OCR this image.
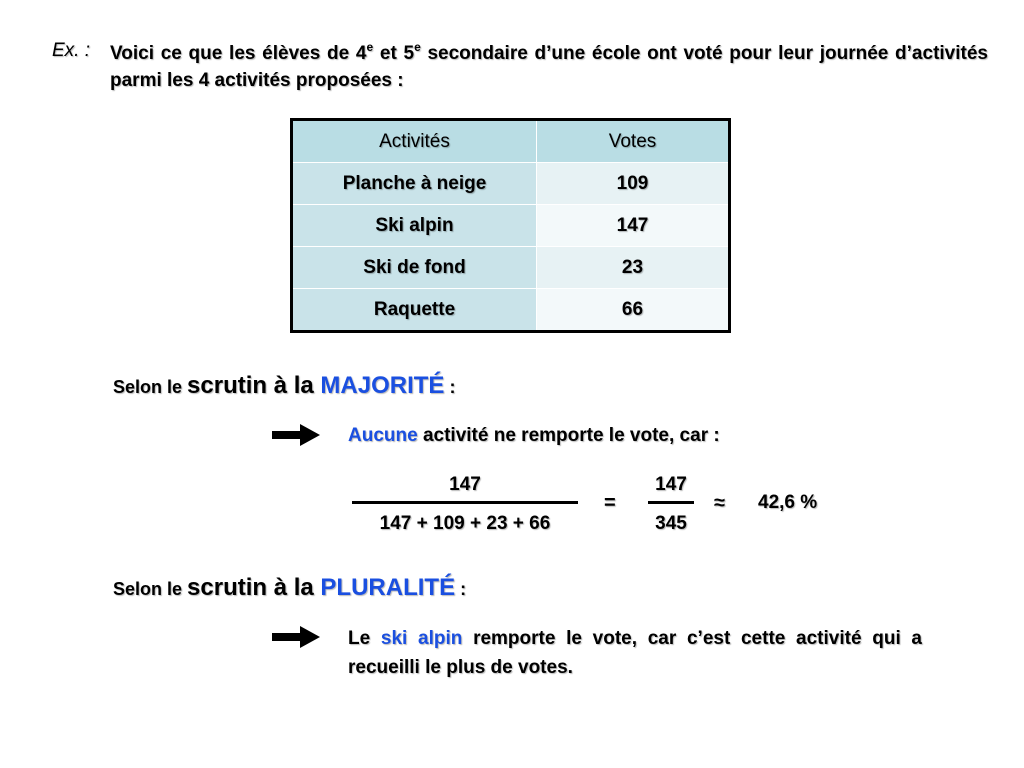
Ex. : Voici ce que les élèves de 4e et 5e secondaire d’une école ont voté pour leur journée d’activités parmi les 4 activités proposées :
Activités	Votes
Planche à neige	109
Ski alpin	147
Ski de fond	23
Raquette	66
Selon le scrutin à la MAJORITÉ :
Aucune activité ne remporte le vote, car :
147
147 + 109 + 23 + 66
=
147
345
≈ 42,6 %
Selon le scrutin à la PLURALITÉ :
Le ski alpin remporte le vote, car c’est cette activité qui a recueilli le plus de votes.
